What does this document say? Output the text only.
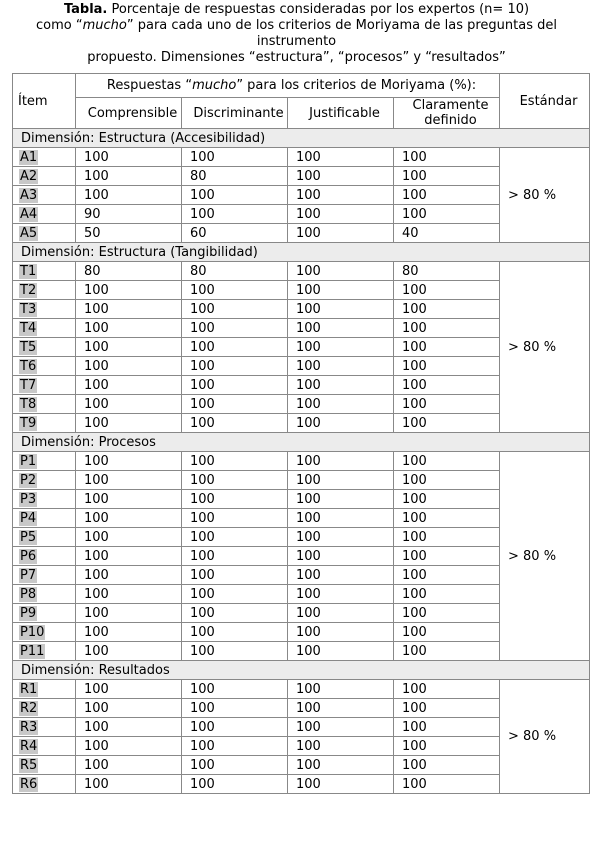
Tabla. Porcentaje de respuestas consideradas por los expertos (n= 10)
como “mucho” para cada uno de los criterios de Moriyama de las preguntas del instrumento
propuesto. Dimensiones “estructura”, “procesos” y “resultados”
Ítem	Respuestas “mucho” para los criterios de Moriyama (%):				Estándar
	Comprensible	Discriminante	Justificable	Claramente definido	
Dimensión: Estructura (Accesibilidad)					
A1	100	100	100	100	> 80 %
A2	100	80	100	100	
A3	100	100	100	100	
A4	90	100	100	100	
A5	50	60	100	40	
Dimensión: Estructura (Tangibilidad)					
T1	80	80	100	80	> 80 %
T2	100	100	100	100	
T3	100	100	100	100	
T4	100	100	100	100	
T5	100	100	100	100	
T6	100	100	100	100	
T7	100	100	100	100	
T8	100	100	100	100	
T9	100	100	100	100	
Dimensión: Procesos					
P1	100	100	100	100	> 80 %
P2	100	100	100	100	
P3	100	100	100	100	
P4	100	100	100	100	
P5	100	100	100	100	
P6	100	100	100	100	
P7	100	100	100	100	
P8	100	100	100	100	
P9	100	100	100	100	
P10	100	100	100	100	
P11	100	100	100	100	
Dimensión: Resultados					
R1	100	100	100	100	> 80 %
R2	100	100	100	100	
R3	100	100	100	100	
R4	100	100	100	100	
R5	100	100	100	100	
R6	100	100	100	100	
